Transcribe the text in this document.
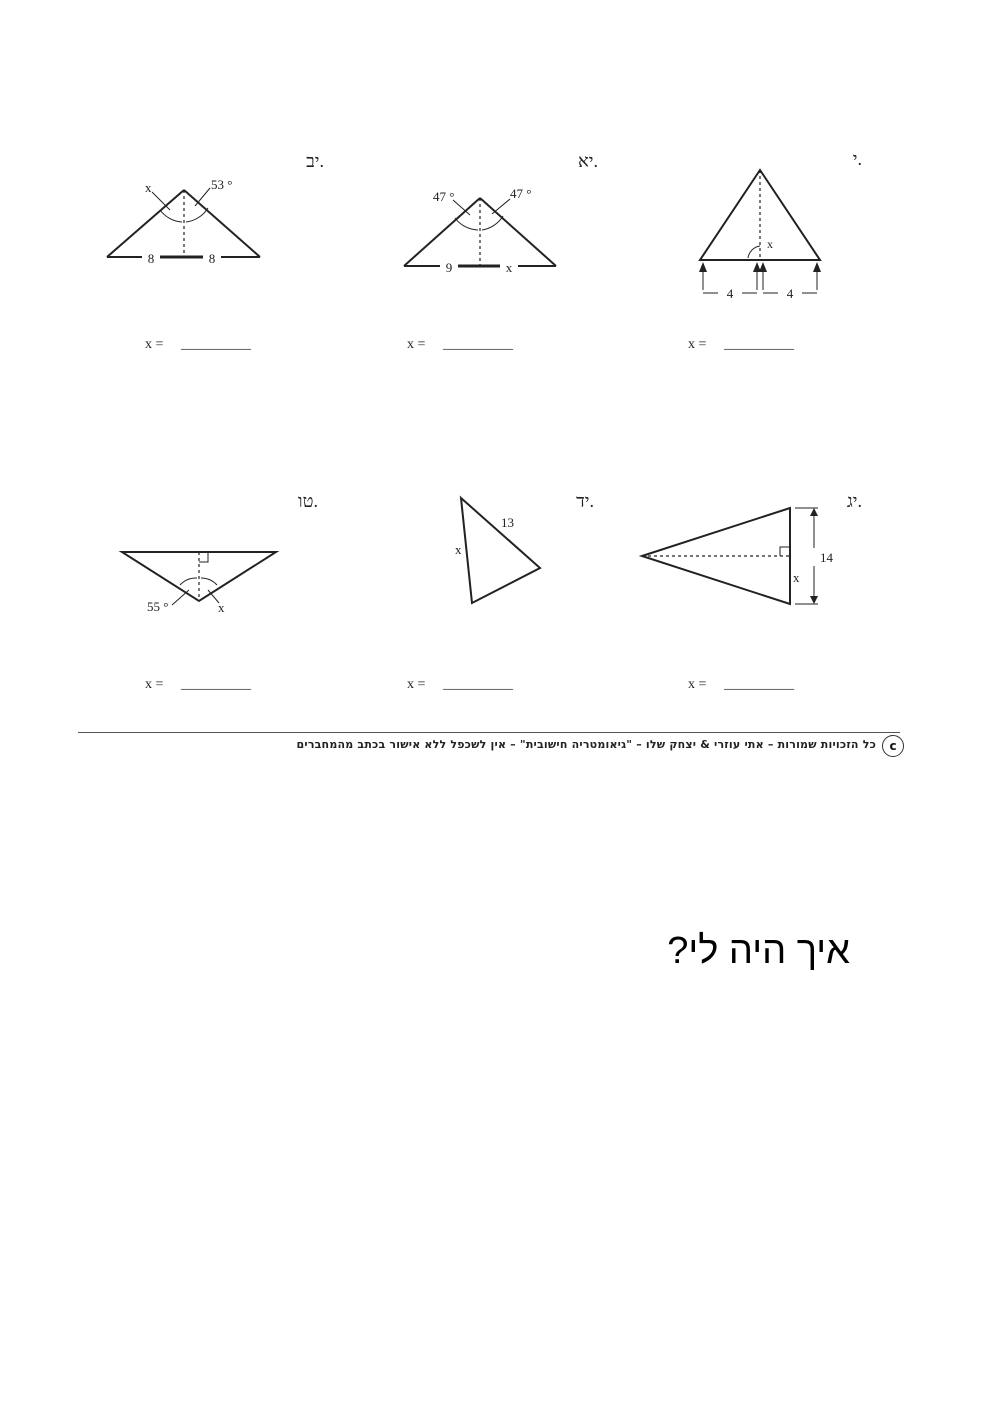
י.
4	4
x
x = __________
יא.
47 °	47 °
9	x
x = __________
יב.
x	53 °
8	8
x = __________
יג.
14
x
x = __________
יד.
13
x
x = __________
טו.
55 °	x
x = __________
c
כל הזכויות שמורות – אתי עוזרי & יצחק שלו – "גיאומטריה חישובית" – אין לשכפל ללא אישור בכתב מהמחברים
איך היה לי?
